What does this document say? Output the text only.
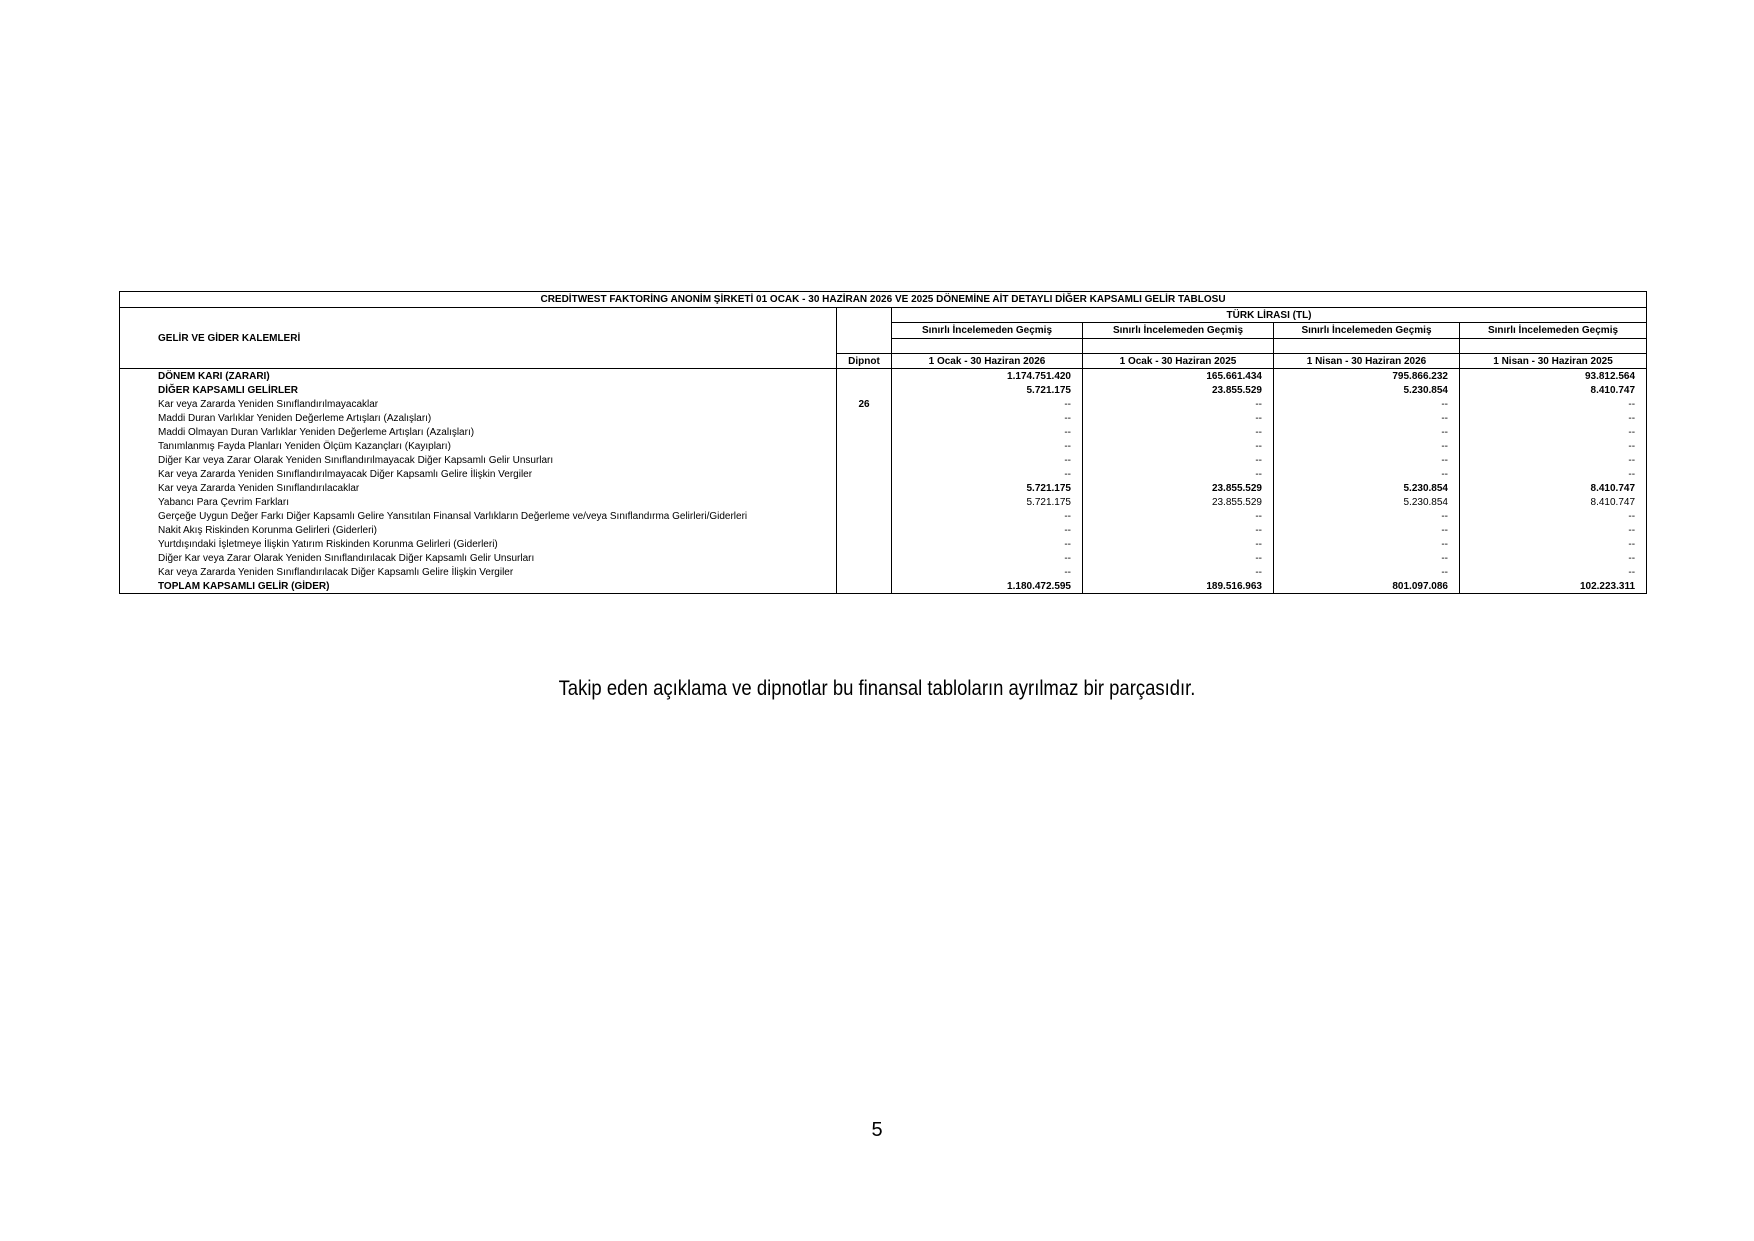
CREDİTWEST FAKTORİNG ANONİM ŞİRKETİ 01 OCAK - 30 HAZİRAN 2026 VE 2025 DÖNEMİNE AİT DETAYLI DİĞER KAPSAMLI GELİR TABLOSU					
GELİR VE GİDER KALEMLERİ		TÜRK LİRASI (TL)			
		Sınırlı İncelemeden Geçmiş	Sınırlı İncelemeden Geçmiş	Sınırlı İncelemeden Geçmiş	Sınırlı İncelemeden Geçmiş

	Dipnot	1 Ocak - 30 Haziran 2026	1 Ocak - 30 Haziran 2025	1 Nisan - 30 Haziran 2026	1 Nisan - 30 Haziran 2025
DÖNEM KARI (ZARARI)		1.174.751.420	165.661.434	795.866.232	93.812.564
DİĞER KAPSAMLI GELİRLER		5.721.175	23.855.529	5.230.854	8.410.747
Kar veya Zararda Yeniden Sınıflandırılmayacaklar	26	--	--	--	--
Maddi Duran Varlıklar Yeniden Değerleme Artışları (Azalışları)		--	--	--	--
Maddi Olmayan Duran Varlıklar Yeniden Değerleme Artışları (Azalışları)		--	--	--	--
Tanımlanmış Fayda Planları Yeniden Ölçüm Kazançları (Kayıpları)		--	--	--	--
Diğer Kar veya Zarar Olarak Yeniden Sınıflandırılmayacak Diğer Kapsamlı Gelir Unsurları		--	--	--	--
Kar veya Zararda Yeniden Sınıflandırılmayacak Diğer Kapsamlı Gelire İlişkin Vergiler		--	--	--	--
Kar veya Zararda Yeniden Sınıflandırılacaklar		5.721.175	23.855.529	5.230.854	8.410.747
Yabancı Para Çevrim Farkları		5.721.175	23.855.529	5.230.854	8.410.747
Gerçeğe Uygun Değer Farkı Diğer Kapsamlı Gelire Yansıtılan Finansal Varlıkların Değerleme ve/veya Sınıflandırma Gelirleri/Giderleri		--	--	--	--
Nakit Akış Riskinden Korunma Gelirleri (Giderleri)		--	--	--	--
Yurtdışındaki İşletmeye İlişkin Yatırım Riskinden Korunma Gelirleri (Giderleri)		--	--	--	--
Diğer Kar veya Zarar Olarak Yeniden Sınıflandırılacak Diğer Kapsamlı Gelir Unsurları		--	--	--	--
Kar veya Zararda Yeniden Sınıflandırılacak Diğer Kapsamlı Gelire İlişkin Vergiler		--	--	--	--
TOPLAM KAPSAMLI GELİR (GİDER)		1.180.472.595	189.516.963	801.097.086	102.223.311
Takip eden açıklama ve dipnotlar bu finansal tabloların ayrılmaz bir parçasıdır.
5
